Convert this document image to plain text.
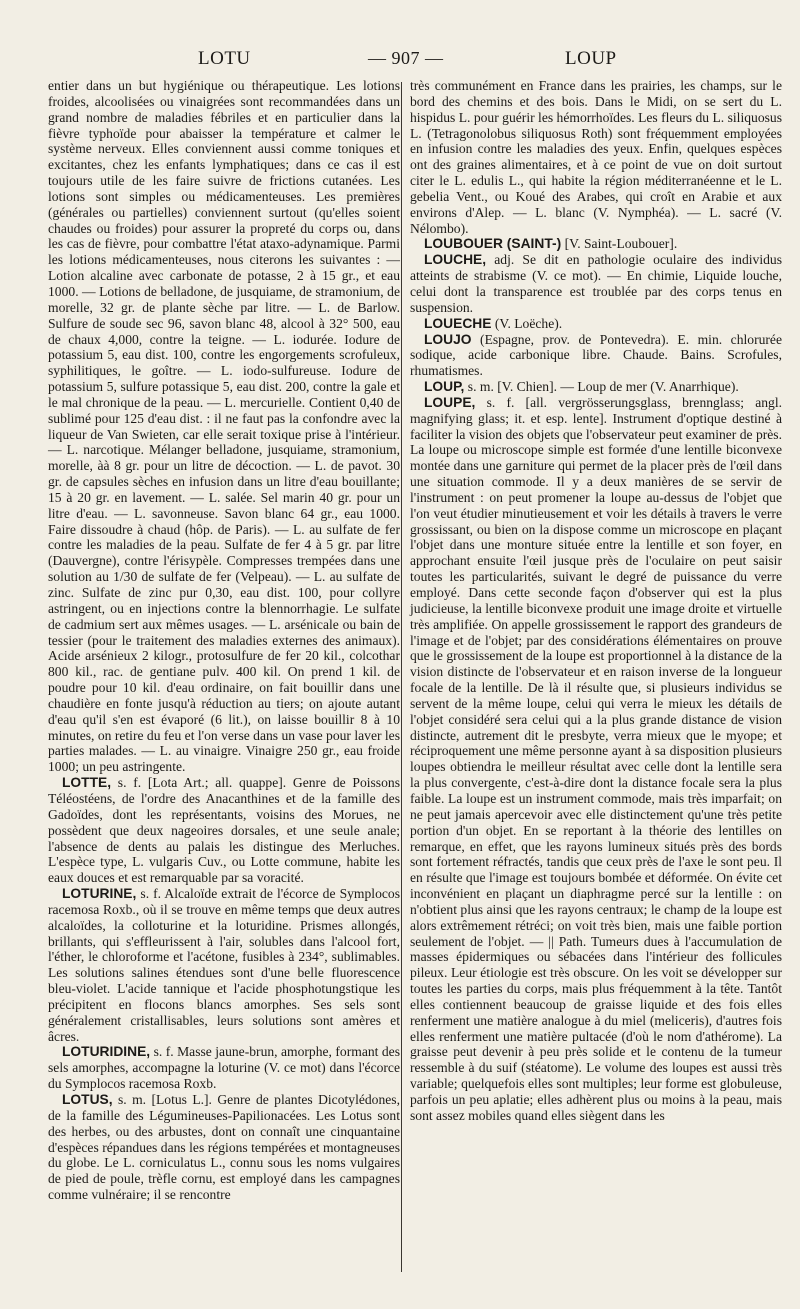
LOTU	— 907 —	LOUP

entier dans un but hygiénique ou thérapeutique. Les lotions froides, alcoolisées ou vinaigrées sont recommandées dans un grand nombre de maladies fébriles et en particulier dans la fièvre typhoïde pour abaisser la température et calmer le système nerveux. Elles conviennent aussi comme toniques et excitantes, chez les enfants lymphatiques; dans ce cas il est toujours utile de les faire suivre de frictions cutanées. Les lotions sont simples ou médicamenteuses. Les premières (générales ou partielles) conviennent surtout (qu'elles soient chaudes ou froides) pour assurer la propreté du corps ou, dans les cas de fièvre, pour combattre l'état ataxo-adynamique. Parmi les lotions médicamenteuses, nous citerons les suivantes : — Lotion alcaline avec carbonate de potasse, 2 à 15 gr., et eau 1000. — Lotions de belladone, de jusquiame, de stramonium, de morelle, 32 gr. de plante sèche par litre. — L. de Barlow. Sulfure de soude sec 96, savon blanc 48, alcool à 32° 500, eau de chaux 4,000, contre la teigne. — L. iodurée. Iodure de potassium 5, eau dist. 100, contre les engorgements scrofuleux, syphilitiques, le goître. — L. iodo-sulfureuse. Iodure de potassium 5, sulfure potassique 5, eau dist. 200, contre la gale et le mal chronique de la peau. — L. mercurielle. Contient 0,40 de sublimé pour 125 d'eau dist. : il ne faut pas la confondre avec la liqueur de Van Swieten, car elle serait toxique prise à l'intérieur. — L. narcotique. Mélanger belladone, jusquiame, stramonium, morelle, àà 8 gr. pour un litre de décoction. — L. de pavot. 30 gr. de capsules sèches en infusion dans un litre d'eau bouillante; 15 à 20 gr. en lavement. — L. salée. Sel marin 40 gr. pour un litre d'eau. — L. savonneuse. Savon blanc 64 gr., eau 1000. Faire dissoudre à chaud (hôp. de Paris). — L. au sulfate de fer contre les maladies de la peau. Sulfate de fer 4 à 5 gr. par litre (Dauvergne), contre l'érisypèle. Compresses trempées dans une solution au 1/30 de sulfate de fer (Velpeau). — L. au sulfate de zinc. Sulfate de zinc pur 0,30, eau dist. 100, pour collyre astringent, ou en injections contre la blennorrhagie. Le sulfate de cadmium sert aux mêmes usages. — L. arsénicale ou bain de tessier (pour le traitement des maladies externes des animaux). Acide arsénieux 2 kilogr., protosulfure de fer 20 kil., colcothar 800 kil., rac. de gentiane pulv. 400 kil. On prend 1 kil. de poudre pour 10 kil. d'eau ordinaire, on fait bouillir dans une chaudière en fonte jusqu'à réduction au tiers; on ajoute autant d'eau qu'il s'en est évaporé (6 lit.), on laisse bouillir 8 à 10 minutes, on retire du feu et l'on verse dans un vase pour laver les parties malades. — L. au vinaigre. Vinaigre 250 gr., eau froide 1000; un peu astringente.

LOTTE, s. f. [Lota Art.; all. quappe]. Genre de Poissons Téléostéens, de l'ordre des Anacanthines et de la famille des Gadoïdes, dont les représentants, voisins des Morues, ne possèdent que deux nageoires dorsales, et une seule anale; l'absence de dents au palais les distingue des Merluches. L'espèce type, L. vulgaris Cuv., ou Lotte commune, habite les eaux douces et est remarquable par sa voracité.

LOTURINE, s. f. Alcaloïde extrait de l'écorce de Symplocos racemosa Roxb., où il se trouve en même temps que deux autres alcaloïdes, la colloturine et la loturidine. Prismes allongés, brillants, qui s'effleurissent à l'air, solubles dans l'alcool fort, l'éther, le chloroforme et l'acétone, fusibles à 234°, sublimables. Les solutions salines étendues sont d'une belle fluorescence bleu-violet. L'acide tannique et l'acide phosphotungstique les précipitent en flocons blancs amorphes. Ses sels sont généralement cristallisables, leurs solutions sont amères et âcres.

LOTURIDINE, s. f. Masse jaune-brun, amorphe, formant des sels amorphes, accompagne la loturine (V. ce mot) dans l'écorce du Symplocos racemosa Roxb.

LOTUS, s. m. [Lotus L.]. Genre de plantes Dicotylédones, de la famille des Légumineuses-Papilionacées. Les Lotus sont des herbes, ou des arbustes, dont on connaît une cinquantaine d'espèces répandues dans les régions tempérées et montagneuses du globe. Le L. corniculatus L., connu sous les noms vulgaires de pied de poule, trèfle cornu, est employé dans les campagnes comme vulnéraire; il se rencontre

très communément en France dans les prairies, les champs, sur le bord des chemins et des bois. Dans le Midi, on se sert du L. hispidus L. pour guérir les hémorrhoïdes. Les fleurs du L. siliquosus L. (Tetragonolobus siliquosus Roth) sont fréquemment employées en infusion contre les maladies des yeux. Enfin, quelques espèces ont des graines alimentaires, et à ce point de vue on doit surtout citer le L. edulis L., qui habite la région méditerranéenne et le L. gebelia Vent., ou Koué des Arabes, qui croît en Arabie et aux environs d'Alep. — L. blanc (V. Nymphéa). — L. sacré (V. Nélombo).

LOUBOUER (SAINT-) [V. Saint-Loubouer].

LOUCHE, adj. Se dit en pathologie oculaire des individus atteints de strabisme (V. ce mot). — En chimie, Liquide louche, celui dont la transparence est troublée par des corps tenus en suspension.

LOUECHE (V. Loëche).

LOUJO (Espagne, prov. de Pontevedra). E. min. chlorurée sodique, acide carbonique libre. Chaude. Bains. Scrofules, rhumatismes.

LOUP, s. m. [V. Chien]. — Loup de mer (V. Anarrhique).

LOUPE, s. f. [all. vergrösserungsglass, brennglass; angl. magnifying glass; it. et esp. lente]. Instrument d'optique destiné à faciliter la vision des objets que l'observateur peut examiner de près. La loupe ou microscope simple est formée d'une lentille biconvexe montée dans une garniture qui permet de la placer près de l'œil dans une situation commode. Il y a deux manières de se servir de l'instrument : on peut promener la loupe au-dessus de l'objet que l'on veut étudier minutieusement et voir les détails à travers le verre grossissant, ou bien on la dispose comme un microscope en plaçant l'objet dans une monture située entre la lentille et son foyer, en approchant ensuite l'œil jusque près de l'oculaire on peut saisir toutes les particularités, suivant le degré de puissance du verre employé. Dans cette seconde façon d'observer qui est la plus judicieuse, la lentille biconvexe produit une image droite et virtuelle très amplifiée. On appelle grossissement le rapport des grandeurs de l'image et de l'objet; par des considérations élémentaires on prouve que le grossissement de la loupe est proportionnel à la distance de la vision distincte de l'observateur et en raison inverse de la longueur focale de la lentille. De là il résulte que, si plusieurs individus se servent de la même loupe, celui qui verra le mieux les détails de l'objet considéré sera celui qui a la plus grande distance de vision distincte, autrement dit le presbyte, verra mieux que le myope; et réciproquement une même personne ayant à sa disposition plusieurs loupes obtiendra le meilleur résultat avec celle dont la lentille sera la plus convergente, c'est-à-dire dont la distance focale sera la plus faible. La loupe est un instrument commode, mais très imparfait; on ne peut jamais apercevoir avec elle distinctement qu'une très petite portion d'un objet. En se reportant à la théorie des lentilles on remarque, en effet, que les rayons lumineux situés près des bords sont fortement réfractés, tandis que ceux près de l'axe le sont peu. Il en résulte que l'image est toujours bombée et déformée. On évite cet inconvénient en plaçant un diaphragme percé sur la lentille : on n'obtient plus ainsi que les rayons centraux; le champ de la loupe est alors extrêmement rétréci; on voit très bien, mais une faible portion seulement de l'objet. — || Path. Tumeurs dues à l'accumulation de masses épidermiques ou sébacées dans l'intérieur des follicules pileux. Leur étiologie est très obscure. On les voit se développer sur toutes les parties du corps, mais plus fréquemment à la tête. Tantôt elles contiennent beaucoup de graisse liquide et des fois elles renferment une matière analogue à du miel (meliceris), d'autres fois elles renferment une matière pultacée (d'où le nom d'athérome). La graisse peut devenir à peu près solide et le contenu de la tumeur ressemble à du suif (stéatome). Le volume des loupes est aussi très variable; quelquefois elles sont multiples; leur forme est globuleuse, parfois un peu aplatie; elles adhèrent plus ou moins à la peau, mais sont assez mobiles quand elles siègent dans les
